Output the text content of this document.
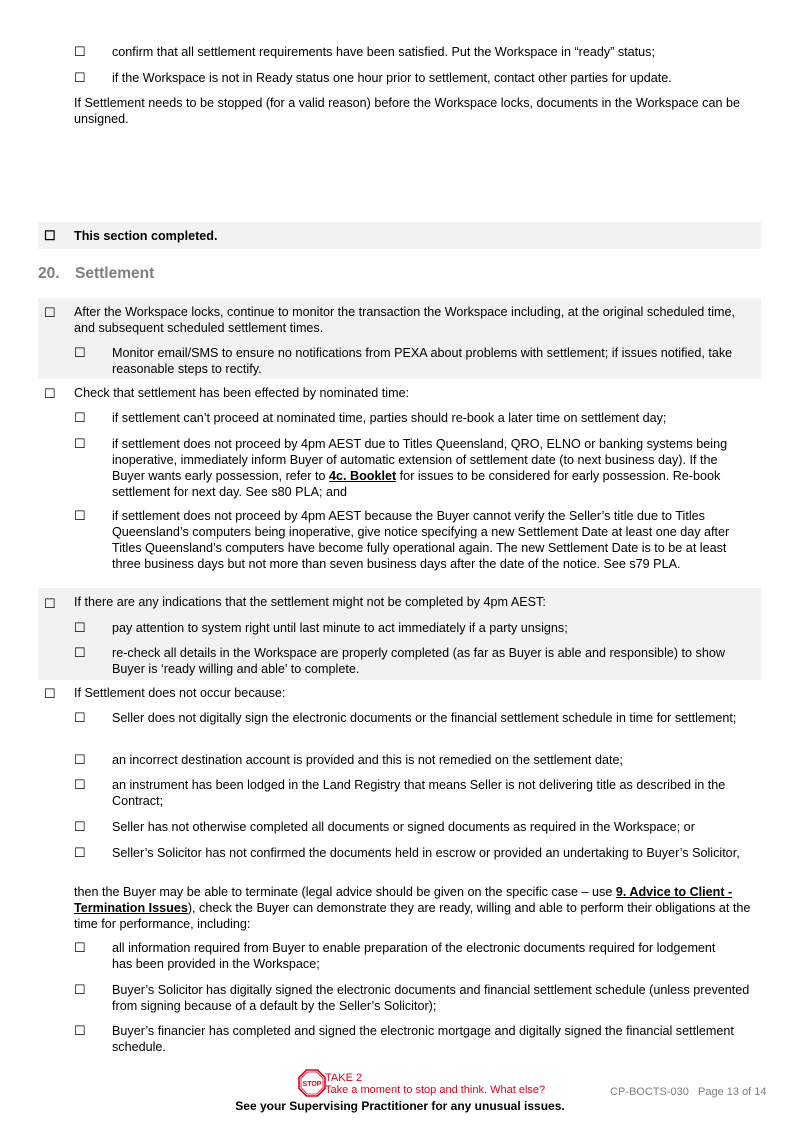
☐ confirm that all settlement requirements have been satisfied. Put the Workspace in “ready” status;
☐ if the Workspace is not in Ready status one hour prior to settlement, contact other parties for update.
If Settlement needs to be stopped (for a valid reason) before the Workspace locks, documents in the Workspace can be unsigned.
☐ This section completed.
20. Settlement
☐ After the Workspace locks, continue to monitor the transaction the Workspace including, at the original scheduled time, and subsequent scheduled settlement times.
☐ Monitor email/SMS to ensure no notifications from PEXA about problems with settlement; if issues notified, take reasonable steps to rectify.
☐ Check that settlement has been effected by nominated time:
☐ if settlement can’t proceed at nominated time, parties should re-book a later time on settlement day;
☐ if settlement does not proceed by 4pm AEST due to Titles Queensland, QRO, ELNO or banking systems being inoperative, immediately inform Buyer of automatic extension of settlement date (to next business day). If the Buyer wants early possession, refer to 4c. Booklet for issues to be considered for early possession. Re-book settlement for next day. See s80 PLA; and
☐ if settlement does not proceed by 4pm AEST because the Buyer cannot verify the Seller’s title due to Titles Queensland’s computers being inoperative, give notice specifying a new Settlement Date at least one day after Titles Queensland’s computers have become fully operational again. The new Settlement Date is to be at least three business days but not more than seven business days after the date of the notice. See s79 PLA.
☐ If there are any indications that the settlement might not be completed by 4pm AEST:
☐ pay attention to system right until last minute to act immediately if a party unsigns;
☐ re-check all details in the Workspace are properly completed (as far as Buyer is able and responsible) to show Buyer is ‘ready willing and able’ to complete.
☐ If Settlement does not occur because:
☐ Seller does not digitally sign the electronic documents or the financial settlement schedule in time for settlement;
☐ an incorrect destination account is provided and this is not remedied on the settlement date;
☐ an instrument has been lodged in the Land Registry that means Seller is not delivering title as described in the Contract;
☐ Seller has not otherwise completed all documents or signed documents as required in the Workspace; or
☐ Seller’s Solicitor has not confirmed the documents held in escrow or provided an undertaking to Buyer’s Solicitor,
then the Buyer may be able to terminate (legal advice should be given on the specific case – use 9. Advice to Client - Termination Issues), check the Buyer can demonstrate they are ready, willing and able to perform their obligations at the time for performance, including:
☐ all information required from Buyer to enable preparation of the electronic documents required for lodgement has been provided in the Workspace;
☐ Buyer’s Solicitor has digitally signed the electronic documents and financial settlement schedule (unless prevented from signing because of a default by the Seller’s Solicitor);
☐ Buyer’s financier has completed and signed the electronic mortgage and digitally signed the financial settlement schedule.
STOP
TAKE 2
Take a moment to stop and think. What else?	CP-BOCTS-030 Page 13 of 14
See your Supervising Practitioner for any unusual issues.
